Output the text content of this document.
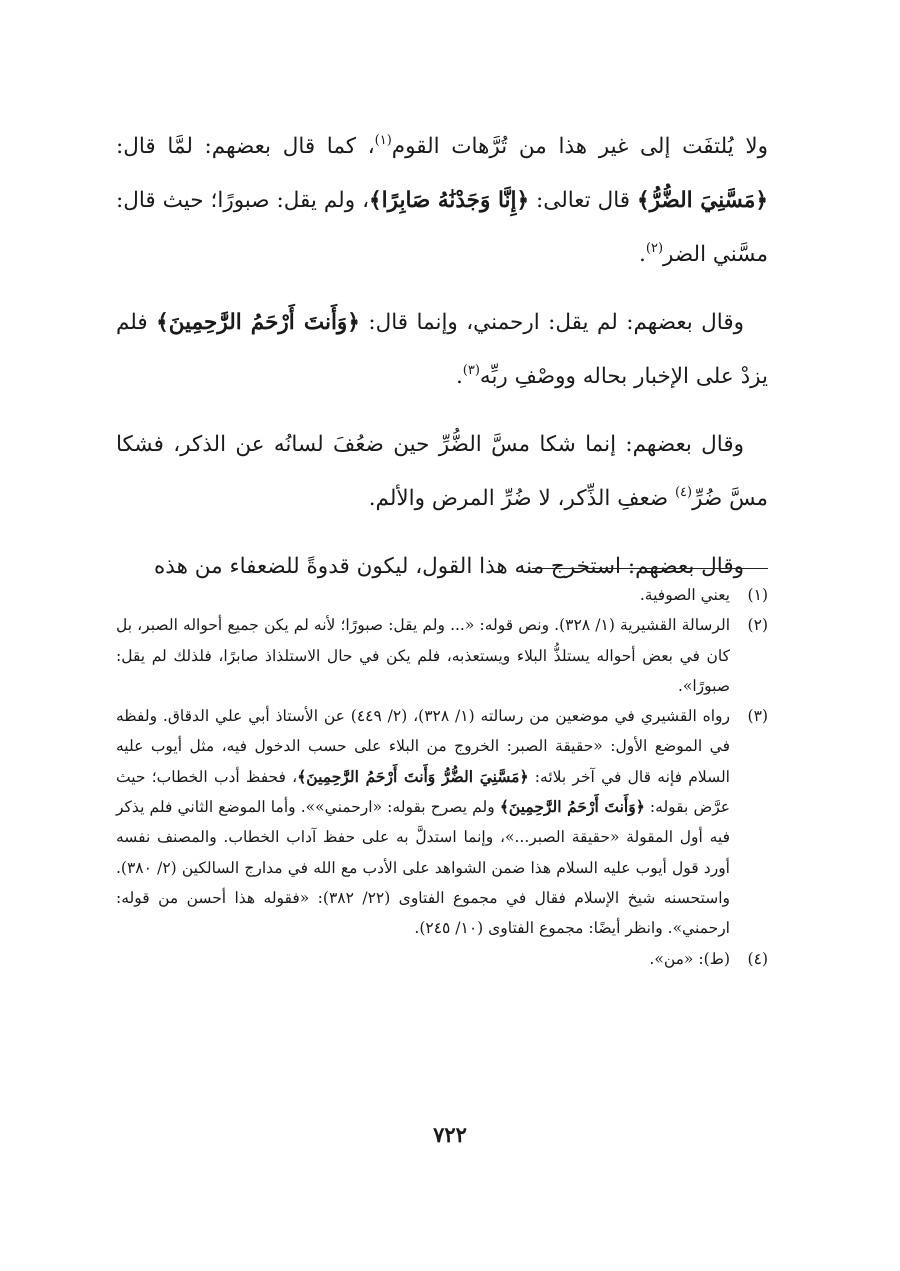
ولا يُلتفَت إلى غير هذا من تُرَّهات القوم$^{(١)}$، كما قال بعضهم: لمَّا قال: ﴿مَسَّنِيَ الضُّرُّ﴾ قال تعالى: ﴿إِنَّا وَجَدْنَٰهُ صَابِرًا﴾، ولم يقل: صبورًا؛ حيث قال: مسَّني الضر$^{(٢)}$.

وقال بعضهم: لم يقل: ارحمني، وإنما قال: ﴿وَأَنتَ أَرْحَمُ الرَّٰحِمِينَ﴾ فلم يزدْ على الإخبار بحاله ووصْفِ ربِّه$^{(٣)}$.

وقال بعضهم: إنما شكا مسَّ الضُّرِّ حين ضعُفَ لسانُه عن الذكر، فشكا مسَّ ضُرِّ$^{(٤)}$ ضعفِ الذِّكر، لا ضُرِّ المرض والألم.

وقال بعضهم: استخرج منه هذا القول، ليكون قدوةً للضعفاء من هذه

(١)
يعني الصوفية.
(٢)
الرسالة القشيرية (١/ ٣٢٨). ونص قوله: «... ولم يقل: صبورًا؛ لأنه لم يكن جميع أحواله الصبر، بل كان في بعض أحواله يستلذُّ البلاء ويستعذبه، فلم يكن في حال الاستلذاذ صابرًا، فلذلك لم يقل: صبورًا».
(٣)
رواه القشيري في موضعين من رسالته (١/ ٣٢٨)، (٢/ ٤٤٩) عن الأستاذ أبي علي الدقاق. ولفظه في الموضع الأول: «حقيقة الصبر: الخروج من البلاء على حسب الدخول فيه، مثل أيوب عليه السلام فإنه قال في آخر بلائه: ﴿مَسَّنِيَ الضُّرُّ وَأَنتَ أَرْحَمُ الرَّٰحِمِينَ﴾، فحفظ أدب الخطاب؛ حيث عرَّض بقوله: ﴿وَأَنتَ أَرْحَمُ الرَّٰحِمِينَ﴾ ولم يصرح بقوله: «ارحمني»». وأما الموضع الثاني فلم يذكر فيه أول المقولة «حقيقة الصبر...»، وإنما استدلَّ به على حفظ آداب الخطاب. والمصنف نفسه أورد قول أيوب عليه السلام هذا ضمن الشواهد على الأدب مع الله في مدارج السالكين (٢/ ٣٨٠). واستحسنه شيخ الإسلام فقال في مجموع الفتاوى (٢٢/ ٣٨٢): «فقوله هذا أحسن من قوله: ارحمني». وانظر أيضًا: مجموع الفتاوى (١٠/ ٢٤٥).
(٤)
(ط): «من».
٧٢٢
